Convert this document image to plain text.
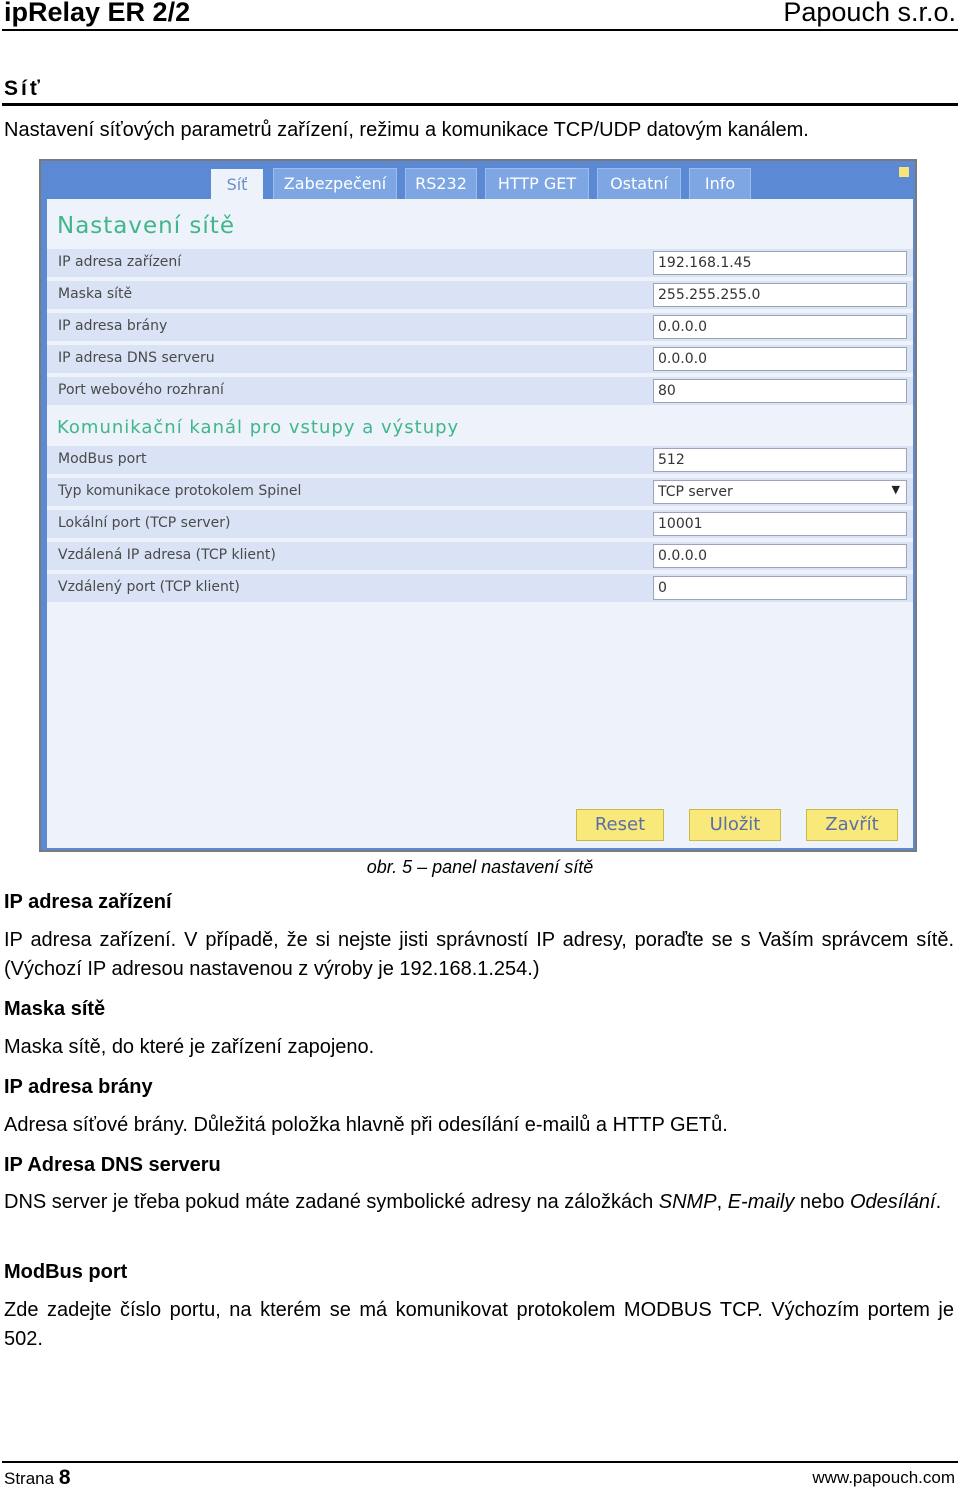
ipRelay ER 2/2	Papouch s.r.o.
Síť
Nastavení síťových parametrů zařízení, režimu a komunikace TCP/UDP datovým kanálem.
Síť	Zabezpečení	RS232	HTTP GET	Ostatní	Info
Nastavení sítě
IP adresa zařízení	192.168.1.45
Maska sítě	255.255.255.0
IP adresa brány	0.0.0.0
IP adresa DNS serveru	0.0.0.0
Port webového rozhraní	80
Komunikační kanál pro vstupy a výstupy
ModBus port	512
Typ komunikace protokolem Spinel	TCP server	▼
Lokální port (TCP server)	10001
Vzdálená IP adresa (TCP klient)	0.0.0.0
Vzdálený port (TCP klient)	0
Reset	Uložit	Zavřít
obr. 5 – panel nastavení sítě
IP adresa zařízení
IP adresa zařízení. V případě, že si nejste jisti správností IP adresy, poraďte se s Vaším správcem sítě. (Výchozí IP adresou nastavenou z výroby je 192.168.1.254.)
Maska sítě
Maska sítě, do které je zařízení zapojeno.
IP adresa brány
Adresa síťové brány. Důležitá položka hlavně při odesílání e-mailů a HTTP GETů.
IP Adresa DNS serveru
DNS server je třeba pokud máte zadané symbolické adresy na záložkách SNMP, E-maily nebo Odesílání.
ModBus port
Zde zadejte číslo portu, na kterém se má komunikovat protokolem MODBUS TCP. Výchozím portem je 502.
Strana 8	www.papouch.com
